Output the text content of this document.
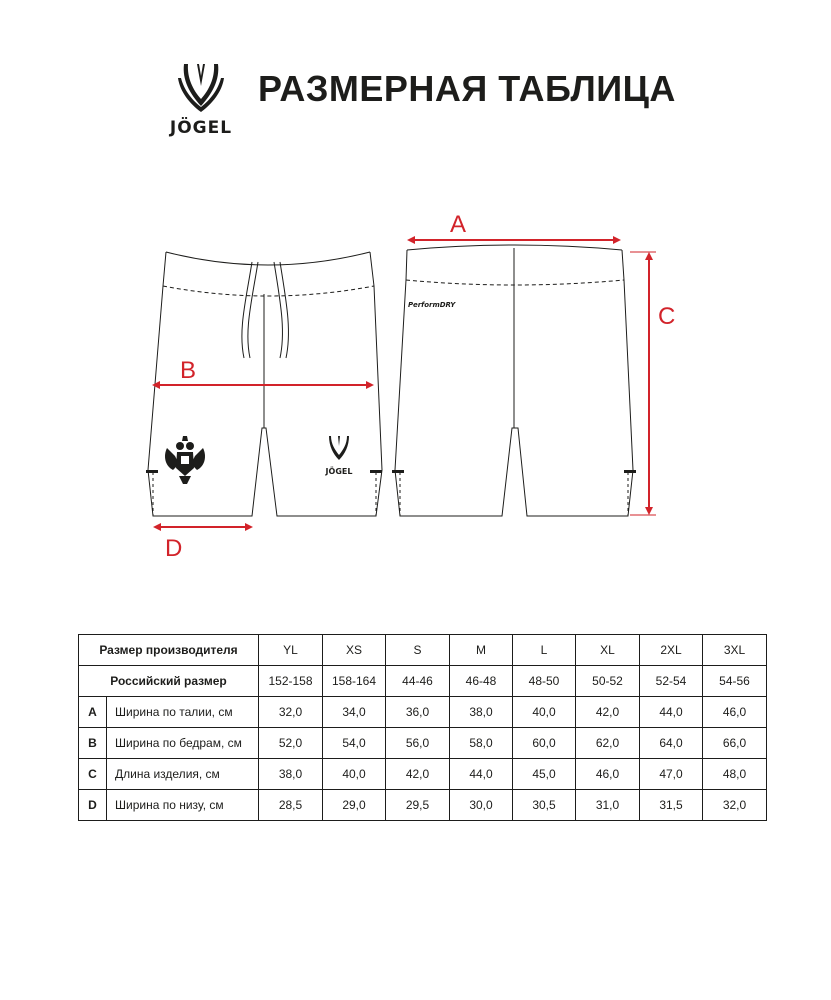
JÖGEL
РАЗМЕРНАЯ ТАБЛИЦА
JÖGEL
B
D
PerformDRY
A
C
Размер производителя		YL	XS	S	M	L	XL	2XL	3XL
Российский размер		152-158	158-164	44-46	46-48	48-50	50-52	52-54	54-56
A	Ширина по талии, см	32,0	34,0	36,0	38,0	40,0	42,0	44,0	46,0
B	Ширина по бедрам, см	52,0	54,0	56,0	58,0	60,0	62,0	64,0	66,0
C	Длина изделия, см	38,0	40,0	42,0	44,0	45,0	46,0	47,0	48,0
D	Ширина по низу, см	28,5	29,0	29,5	30,0	30,5	31,0	31,5	32,0
